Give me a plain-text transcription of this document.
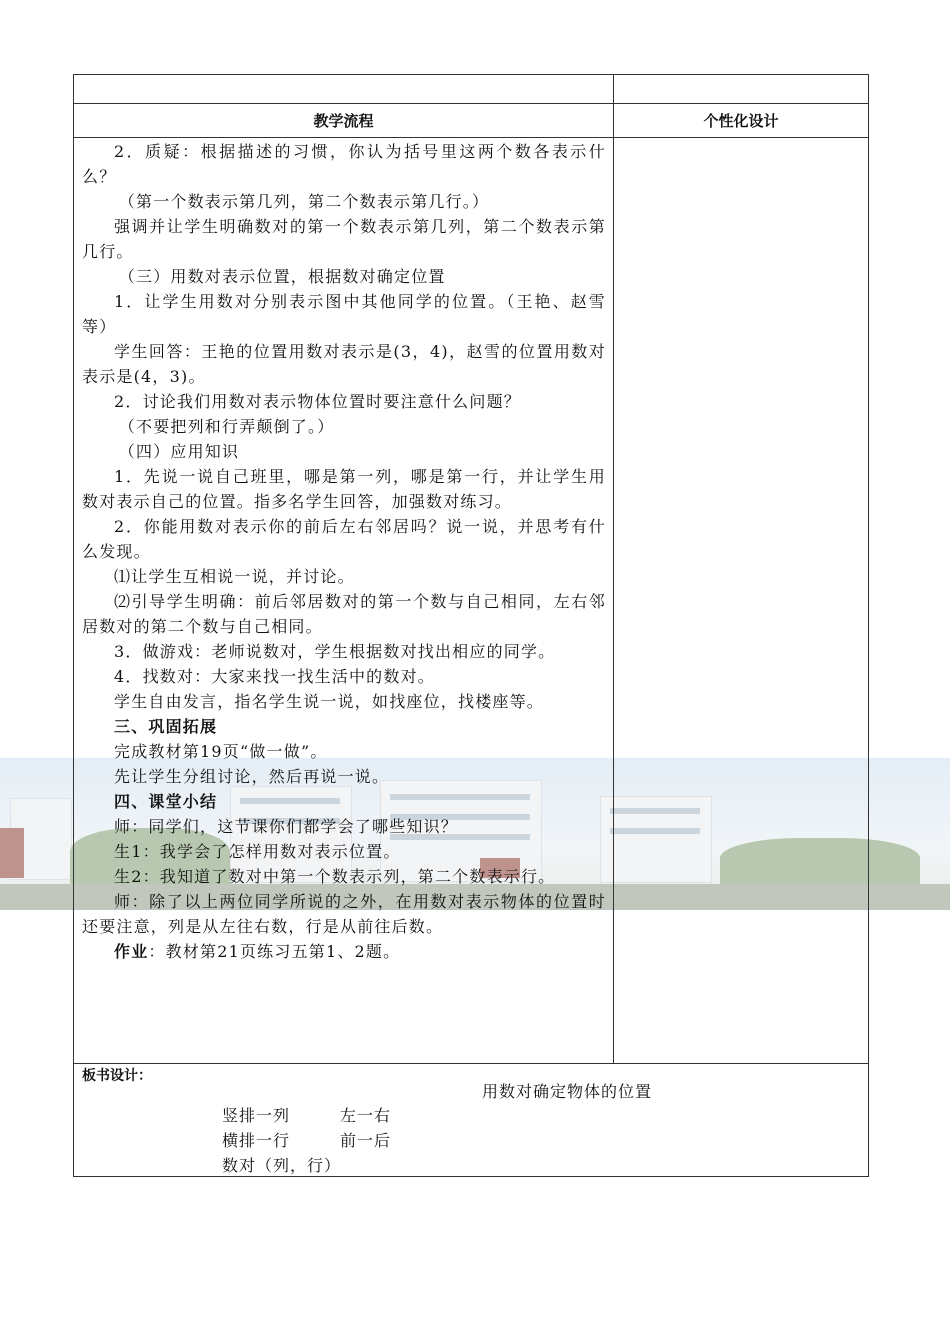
教学流程	个性化设计

2．质疑：根据描述的习惯，你认为括号里这两个数各表示什么？

（第一个数表示第几列，第二个数表示第几行。）

强调并让学生明确数对的第一个数表示第几列，第二个数表示第几行。

（三）用数对表示位置，根据数对确定位置

1．让学生用数对分别表示图中其他同学的位置。（王艳、赵雪等）

学生回答：王艳的位置用数对表示是(3，4)，赵雪的位置用数对表示是(4，3)。

2．讨论我们用数对表示物体位置时要注意什么问题？

（不要把列和行弄颠倒了。）

（四）应用知识

1．先说一说自己班里，哪是第一列，哪是第一行，并让学生用数对表示自己的位置。指多名学生回答，加强数对练习。

2．你能用数对表示你的前后左右邻居吗？说一说，并思考有什么发现。

⑴让学生互相说一说，并讨论。

⑵引导学生明确：前后邻居数对的第一个数与自己相同，左右邻居数对的第二个数与自己相同。

3．做游戏：老师说数对，学生根据数对找出相应的同学。

4．找数对：大家来找一找生活中的数对。

学生自由发言，指名学生说一说，如找座位，找楼座等。

三、巩固拓展

完成教材第19页“做一做”。

先让学生分组讨论，然后再说一说。

四、课堂小结

师：同学们，这节课你们都学会了哪些知识？

生1：我学会了怎样用数对表示位置。

生2：我知道了数对中第一个数表示列，第二个数表示行。

师：除了以上两位同学所说的之外，在用数对表示物体的位置时还要注意，列是从左往右数，行是从前往后数。

作业：教材第21页练习五第1、2题。

板书设计：
用数对确定物体的位置
竖排一列	左一右
横排一行	前一后
数对（列，行）
